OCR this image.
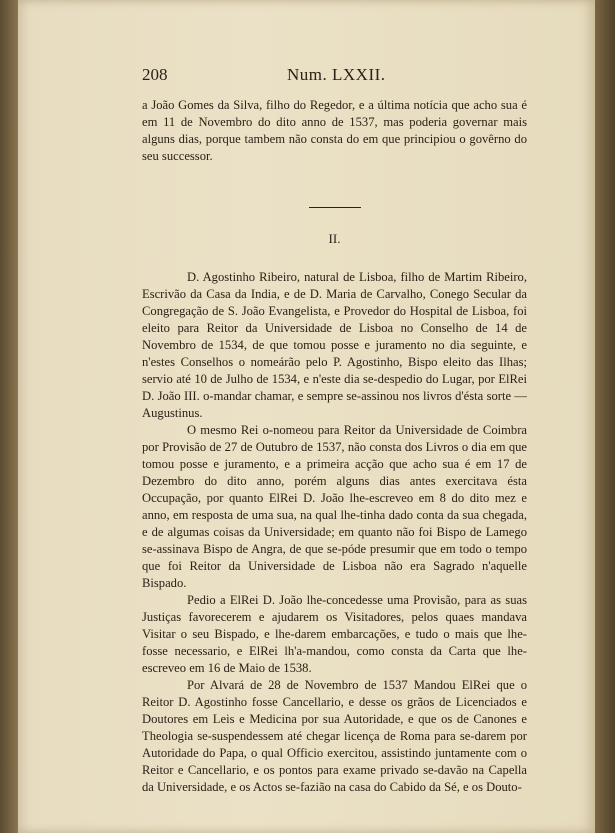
208	Num. LXXII.

a João Gomes da Silva, filho do Regedor, e a última notícia que acho sua é em 11 de Novembro do dito anno de 1537, mas poderia governar mais alguns dias, porque tambem não consta do em que principiou o govêrno do seu successor.

II.

D. Agostinho Ribeiro, natural de Lisboa, filho de Martim Ribeiro, Escrivão da Casa da India, e de D. Maria de Carvalho, Conego Secular da Congregação de S. João Evangelista, e Provedor do Hospital de Lisboa, foi eleito para Reitor da Universidade de Lisboa no Conselho de 14 de Novembro de 1534, de que tomou posse e juramento no dia seguinte, e n'estes Conselhos o nomeárão pelo P. Agostinho, Bispo eleito das Ilhas; servio até 10 de Julho de 1534, e n'este dia se-despedio do Lugar, por ElRei D. João III. o-mandar chamar, e sempre se-assinou nos livros d'ésta sorte — Augustinus.

O mesmo Rei o-nomeou para Reitor da Universidade de Coimbra por Provisão de 27 de Outubro de 1537, não consta dos Livros o dia em que tomou posse e juramento, e a primeira acção que acho sua é em 17 de Dezembro do dito anno, porém alguns dias antes exercitava ésta Occupação, por quanto ElRei D. João lhe-escreveo em 8 do dito mez e anno, em resposta de uma sua, na qual lhe-tinha dado conta da sua chegada, e de algumas coisas da Universidade; em quanto não foi Bispo de Lamego se-assinava Bispo de Angra, de que se-póde presumir que em todo o tempo que foi Reitor da Universidade de Lisboa não era Sagrado n'aquelle Bispado.

Pedio a ElRei D. João lhe-concedesse uma Provisão, para as suas Justiças favorecerem e ajudarem os Visitadores, pelos quaes mandava Visitar o seu Bispado, e lhe-darem embarcações, e tudo o mais que lhe-fosse necessario, e ElRei lh'a-mandou, como consta da Carta que lhe-escreveo em 16 de Maio de 1538.

Por Alvará de 28 de Novembro de 1537 Mandou ElRei que o Reitor D. Agostinho fosse Cancellario, e desse os grãos de Licenciados e Doutores em Leis e Medicina por sua Autoridade, e que os de Canones e Theologia se-suspendessem até chegar licença de Roma para se-darem por Autoridade do Papa, o qual Officio exercitou, assistindo juntamente com o Reitor e Cancellario, e os pontos para exame privado se-davão na Capella da Universidade, e os Actos se-fazião na casa do Cabido da Sé, e os Douto-
